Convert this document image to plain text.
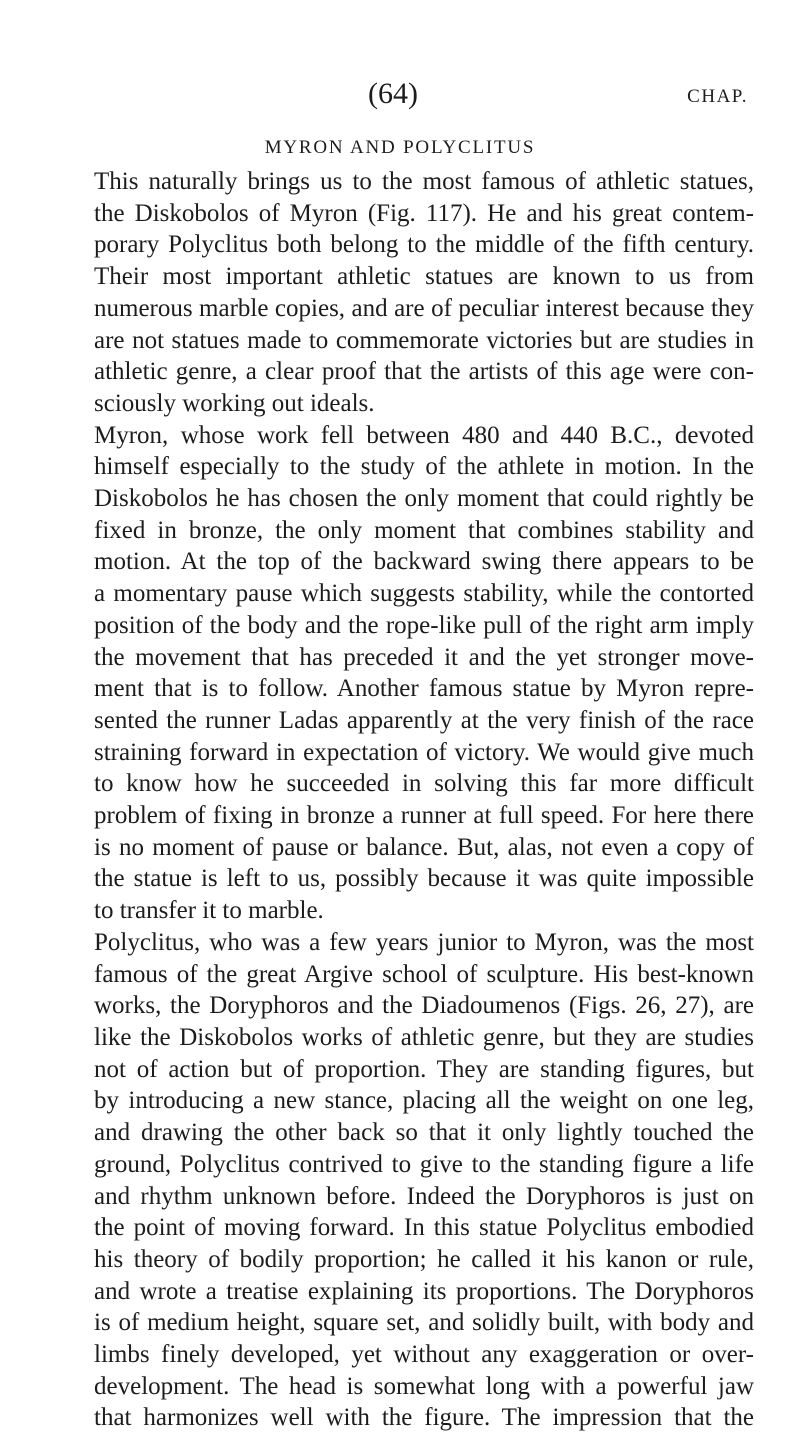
(64)	CHAP.
MYRON AND POLYCLITUS

This naturally brings us to the most famous of athletic statues,
the Diskobolos of Myron (Fig. 117). He and his great contem-
porary Polyclitus both belong to the middle of the fifth century.
Their most important athletic statues are known to us from
numerous marble copies, and are of peculiar interest because they
are not statues made to commemorate victories but are studies in
athletic genre, a clear proof that the artists of this age were con-
sciously working out ideals.

Myron, whose work fell between 480 and 440 B.C., devoted
himself especially to the study of the athlete in motion. In the
Diskobolos he has chosen the only moment that could rightly be
fixed in bronze, the only moment that combines stability and
motion. At the top of the backward swing there appears to be
a momentary pause which suggests stability, while the contorted
position of the body and the rope-like pull of the right arm imply
the movement that has preceded it and the yet stronger move-
ment that is to follow. Another famous statue by Myron repre-
sented the runner Ladas apparently at the very finish of the race
straining forward in expectation of victory. We would give much
to know how he succeeded in solving this far more difficult
problem of fixing in bronze a runner at full speed. For here there
is no moment of pause or balance. But, alas, not even a copy of
the statue is left to us, possibly because it was quite impossible
to transfer it to marble.

Polyclitus, who was a few years junior to Myron, was the most
famous of the great Argive school of sculpture. His best-known
works, the Doryphoros and the Diadoumenos (Figs. 26, 27), are
like the Diskobolos works of athletic genre, but they are studies
not of action but of proportion. They are standing figures, but
by introducing a new stance, placing all the weight on one leg,
and drawing the other back so that it only lightly touched the
ground, Polyclitus contrived to give to the standing figure a life
and rhythm unknown before. Indeed the Doryphoros is just on
the point of moving forward. In this statue Polyclitus embodied
his theory of bodily proportion; he called it his kanon or rule,
and wrote a treatise explaining its proportions. The Doryphoros
is of medium height, square set, and solidly built, with body and
limbs finely developed, yet without any exaggeration or over-
development. The head is somewhat long with a powerful jaw
that harmonizes well with the figure. The impression that the
